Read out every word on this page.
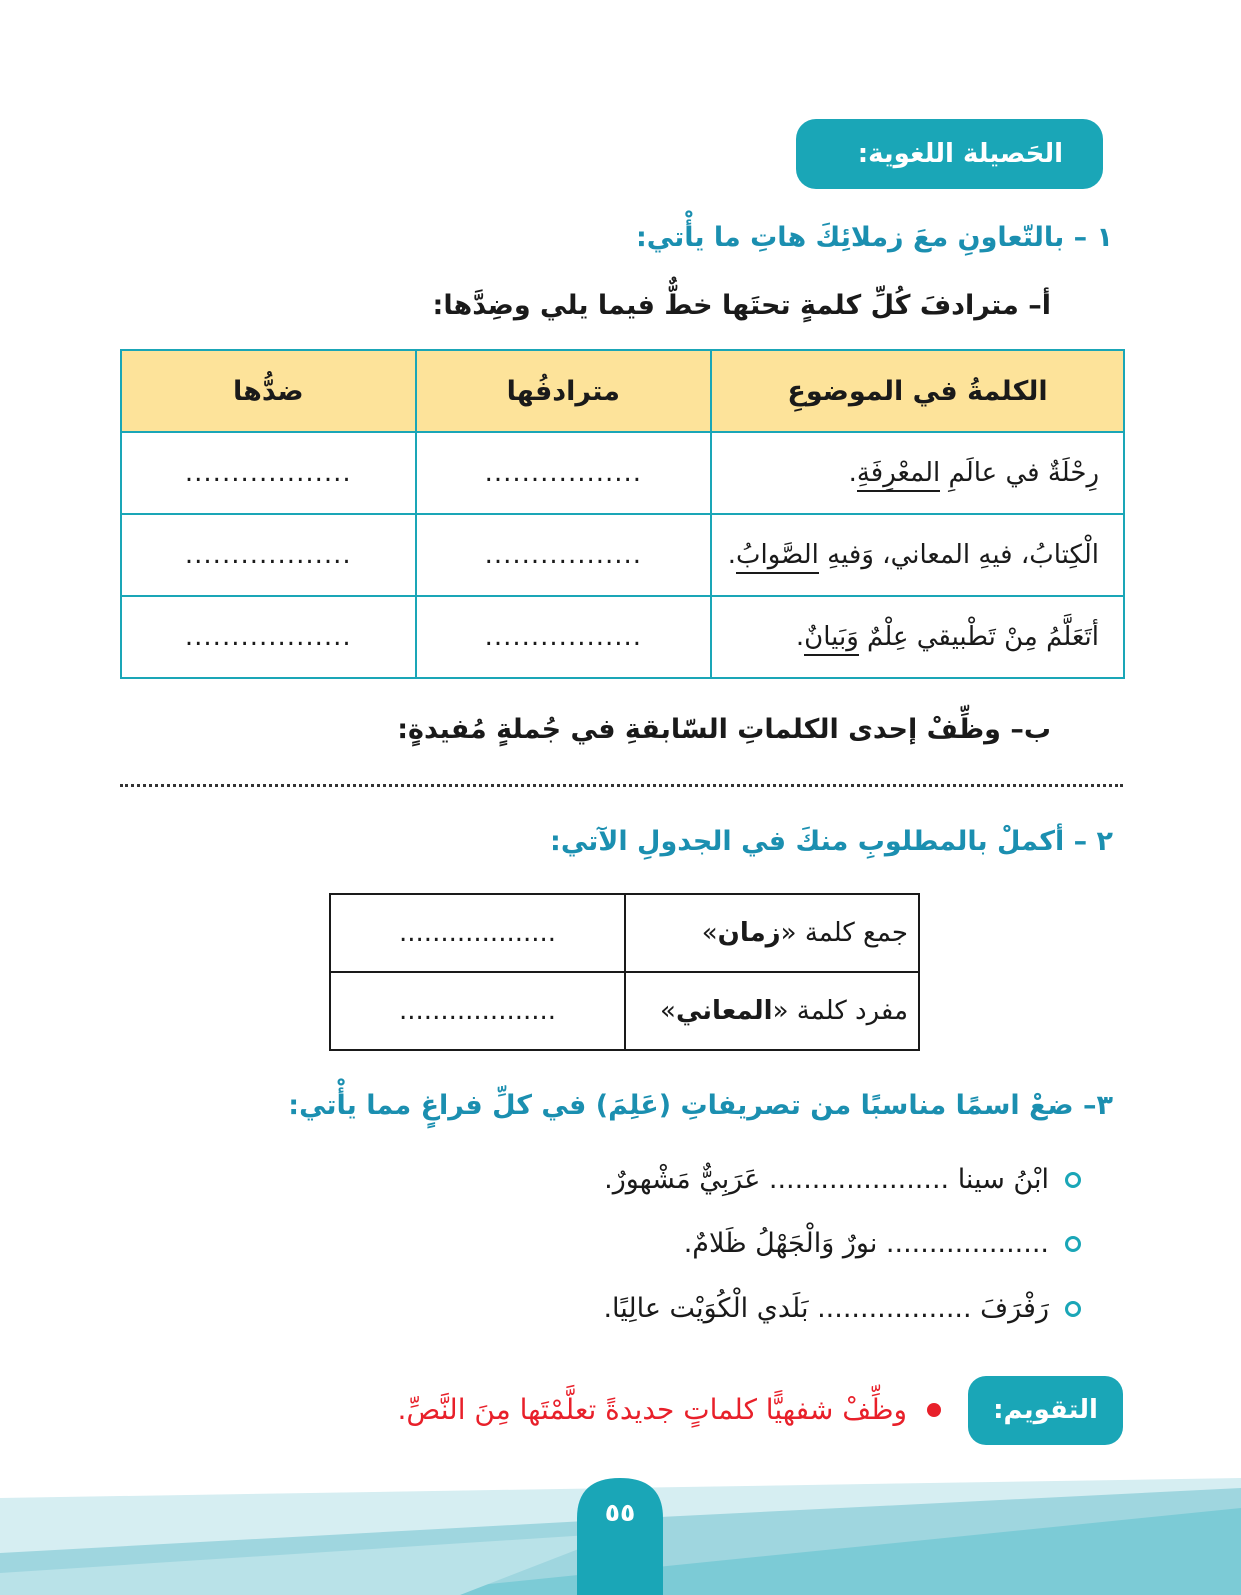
الحَصيلة اللغوية:
١ – بالتّعاونِ معَ زملائِكَ هاتِ ما يأْتي:
أ– مترادفَ كُلِّ كلمةٍ تحتَها خطٌّ فيما يلي وضِدَّها:
الكلمةُ في الموضوعِ	مترادفُها	ضدُّها
رِحْلَةٌ في عالَمِ المعْرِفَةِ.	.................	..................
الْكِتابُ، فيهِ المعاني، وَفيهِ الصَّوابُ.	.................	..................
أتَعَلَّمُ مِنْ تَطْبيقي عِلْمٌ وَبَيانٌ.	.................	..................
ب– وظِّفْ إحدى الكلماتِ السّابقةِ في جُملةٍ مُفيدةٍ:
٢ – أكملْ بالمطلوبِ منكَ في الجدولِ الآتي:
جمع كلمة «زمان»	...................
مفرد كلمة «المعاني»	...................
٣– ضعْ اسمًا مناسبًا من تصريفاتِ (عَلِمَ) في كلِّ فراغٍ مما يأْتي:
ابْنُ سينا ..................... عَرَبِيٌّ مَشْهورٌ.
................... نورٌ وَالْجَهْلُ ظَلامٌ.
رَفْرَفَ .................. بَلَدي الْكُوَيْت عالِيًا.
التقويم:
وظِّفْ شفهيًّا كلماتٍ جديدةً تعلَّمْتَها مِنَ النَّصِّ.
٥٥
